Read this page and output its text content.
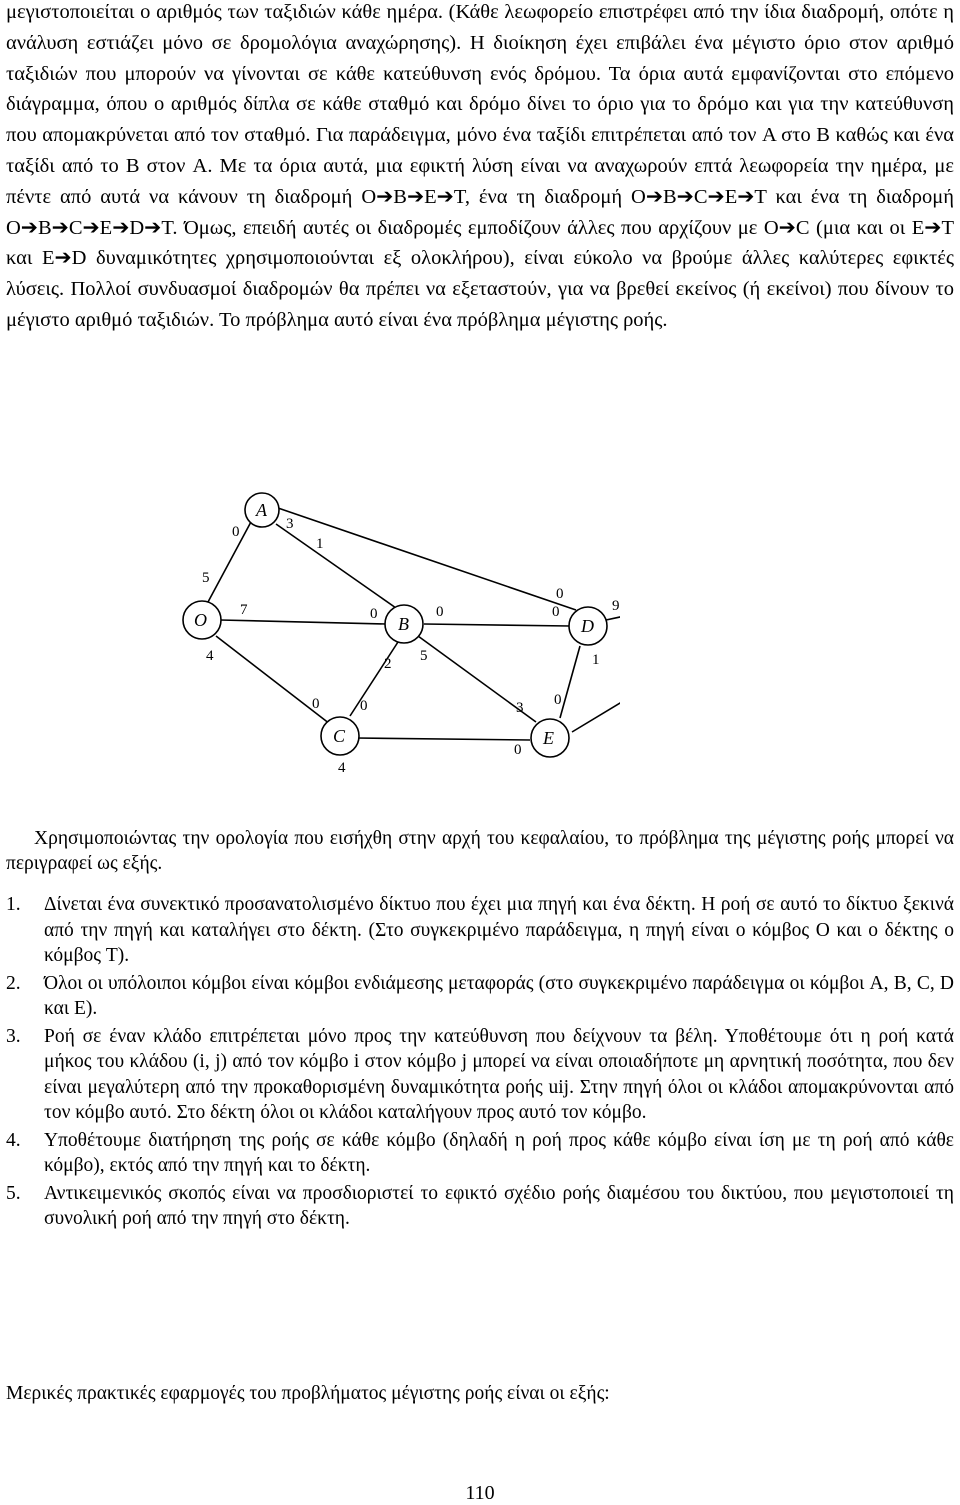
μεγιστοποιείται ο αριθμός των ταξιδιών κάθε ημέρα. (Κάθε λεωφορείο επιστρέφει από την ίδια διαδρομή, οπότε η ανάλυση εστιάζει μόνο σε δρομολόγια αναχώρησης). Η διοίκηση έχει επιβάλει ένα μέγιστο όριο στον αριθμό ταξιδιών που μπορούν να γίνονται σε κάθε κατεύθυνση ενός δρόμου. Τα όρια αυτά εμφανίζονται στο επόμενο διάγραμμα, όπου ο αριθμός δίπλα σε κάθε σταθμό και δρόμο δίνει το όριο για το δρόμο και για την κατεύθυνση που απομακρύνεται από τον σταθμό. Για παράδειγμα, μόνο ένα ταξίδι επιτρέπεται από τον A στο B καθώς και ένα ταξίδι από το B στον A. Με τα όρια αυτά, μια εφικτή λύση είναι να αναχωρούν επτά λεωφορεία την ημέρα, με πέντε από αυτά να κάνουν τη διαδρομή O➔B➔E➔T, ένα τη διαδρομή O➔B➔C➔E➔T και ένα τη διαδρομή O➔B➔C➔E➔D➔T. Όμως, επειδή αυτές οι διαδρομές εμποδίζουν άλλες που αρχίζουν με O➔C (μια και οι E➔T και E➔D δυναμικότητες χρησιμοποιούνται εξ ολοκλήρου), είναι εύκολο να βρούμε άλλες καλύτερες εφικτές λύσεις. Πολλοί συνδυασμοί διαδρομών θα πρέπει να εξεταστούν, για να βρεθεί εκείνος (ή εκείνοι) που δίνουν το μέγιστο αριθμό ταξιδιών. Το πρόβλημα αυτό είναι ένα πρόβλημα μέγιστης ροής.

A
O	B
C
D
E
5
0
1
3
7	0
4
0
2
0
0	0
5
3
4
0
0
9
1
0

Χρησιμοποιώντας την ορολογία που εισήχθη στην αρχή του κεφαλαίου, το πρόβλημα της μέγιστης ροής μπορεί να περιγραφεί ως εξής.

1. Δίνεται ένα συνεκτικό προσανατολισμένο δίκτυο που έχει μια πηγή και ένα δέκτη. Η ροή σε αυτό το δίκτυο ξεκινά από την πηγή και καταλήγει στο δέκτη. (Στο συγκεκριμένο παράδειγμα, η πηγή είναι ο κόμβος O και ο δέκτης ο κόμβος T).
2. Όλοι οι υπόλοιποι κόμβοι είναι κόμβοι ενδιάμεσης μεταφοράς (στο συγκεκριμένο παράδειγμα οι κόμβοι A, B, C, D και E).
3. Ροή σε έναν κλάδο επιτρέπεται μόνο προς την κατεύθυνση που δείχνουν τα βέλη. Υποθέτουμε ότι η ροή κατά μήκος του κλάδου (i, j) από τον κόμβο i στον κόμβο j μπορεί να είναι οποιαδήποτε μη αρνητική ποσότητα, που δεν είναι μεγαλύτερη από την προκαθορισμένη δυναμικότητα ροής uij. Στην πηγή όλοι οι κλάδοι απομακρύνονται από τον κόμβο αυτό. Στο δέκτη όλοι οι κλάδοι καταλήγουν προς αυτό τον κόμβο.
4. Υποθέτουμε διατήρηση της ροής σε κάθε κόμβο (δηλαδή η ροή προς κάθε κόμβο είναι ίση με τη ροή από κάθε κόμβο), εκτός από την πηγή και το δέκτη.
5. Αντικειμενικός σκοπός είναι να προσδιοριστεί το εφικτό σχέδιο ροής διαμέσου του δικτύου, που μεγιστοποιεί τη συνολική ροή από την πηγή στο δέκτη.

Μερικές πρακτικές εφαρμογές του προβλήματος μέγιστης ροής είναι οι εξής:

110
